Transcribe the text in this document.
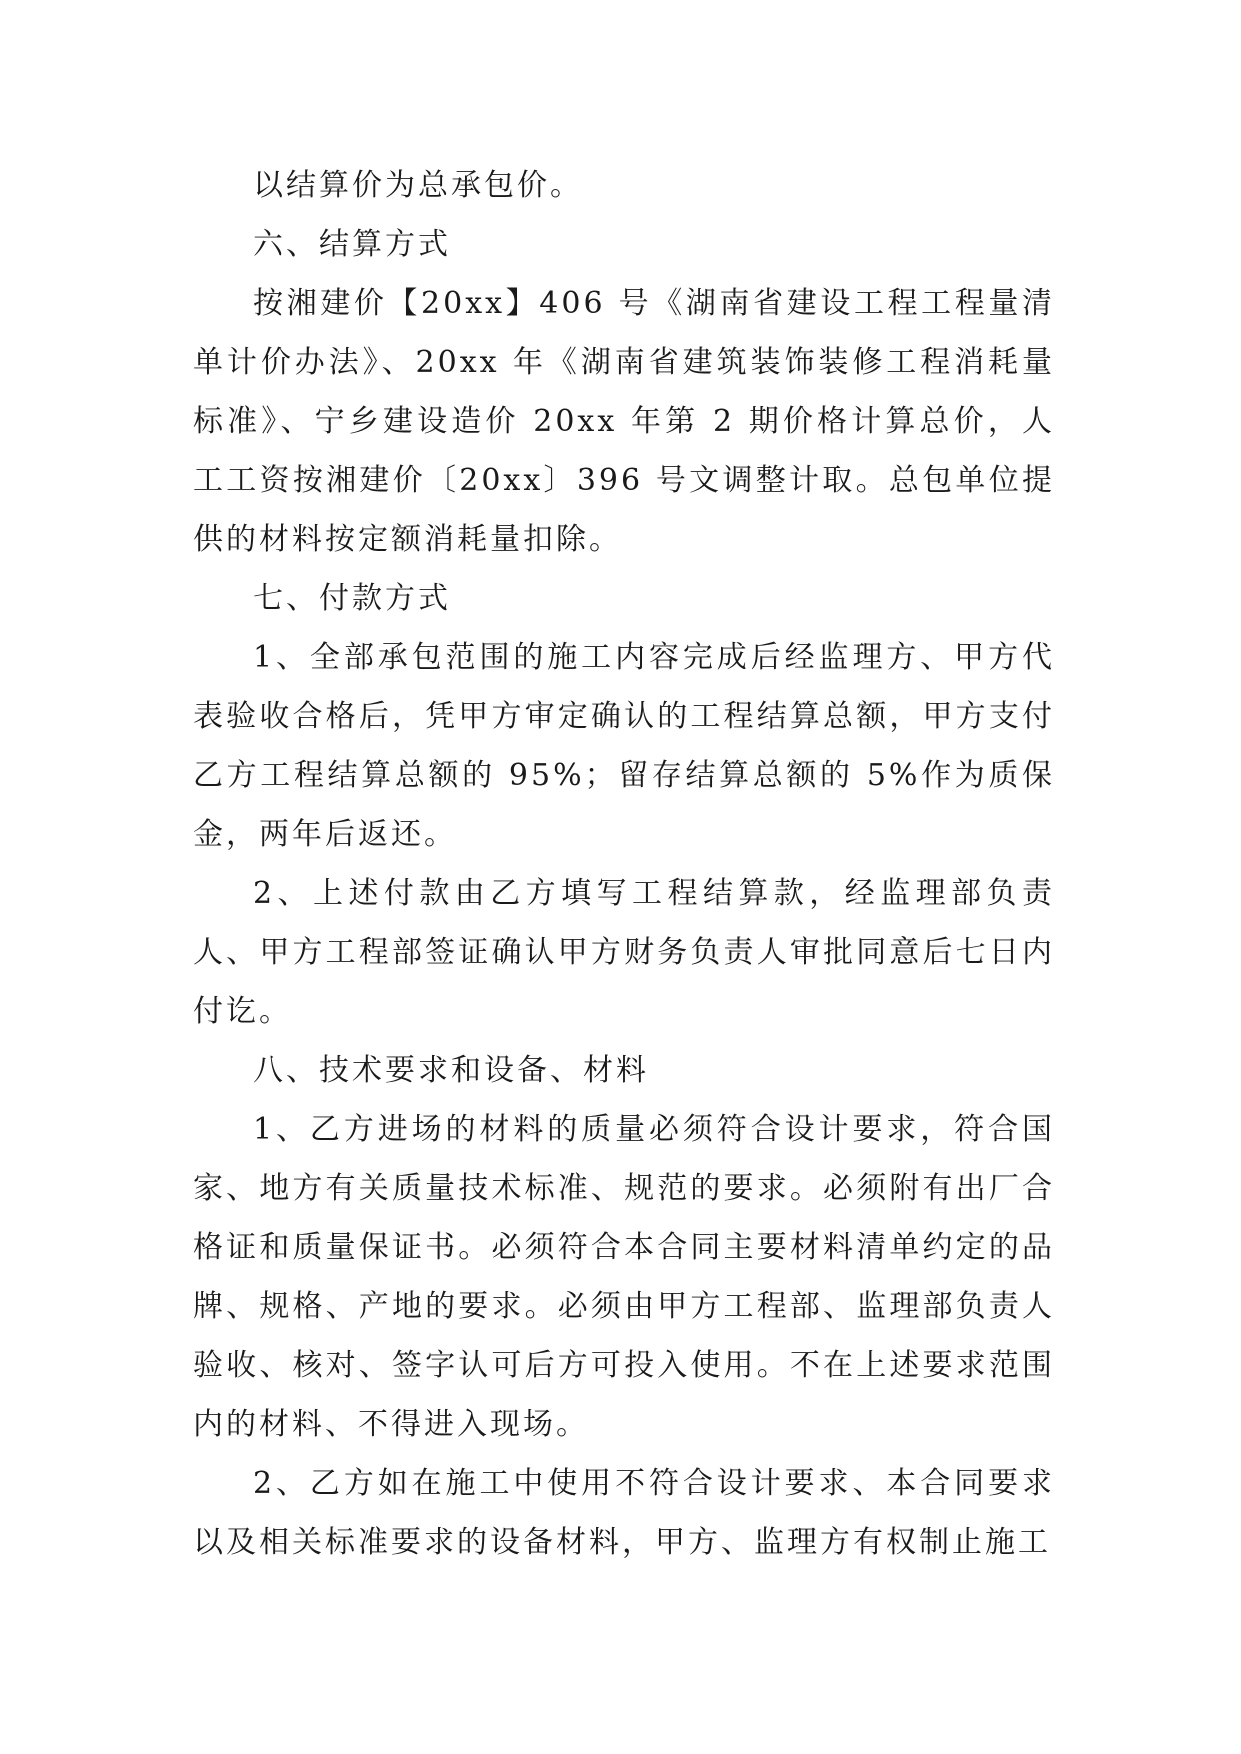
以结算价为总承包价。

六、结算方式

按湘建价【20xx】406 号《湖南省建设工程工程量清单计价办法》、20xx 年《湖南省建筑装饰装修工程消耗量标准》、宁乡建设造价 20xx 年第 2 期价格计算总价，人工工资按湘建价〔20xx〕396 号文调整计取。总包单位提供的材料按定额消耗量扣除。

七、付款方式

1、全部承包范围的施工内容完成后经监理方、甲方代表验收合格后，凭甲方审定确认的工程结算总额，甲方支付乙方工程结算总额的 95%；留存结算总额的 5%作为质保金，两年后返还。

2、上述付款由乙方填写工程结算款，经监理部负责人、甲方工程部签证确认甲方财务负责人审批同意后七日内付讫。

八、技术要求和设备、材料

1、乙方进场的材料的质量必须符合设计要求，符合国家、地方有关质量技术标准、规范的要求。必须附有出厂合格证和质量保证书。必须符合本合同主要材料清单约定的品牌、规格、产地的要求。必须由甲方工程部、监理部负责人验收、核对、签字认可后方可投入使用。不在上述要求范围内的材料、不得进入现场。

2、乙方如在施工中使用不符合设计要求、本合同要求以及相关标准要求的设备材料，甲方、监理方有权制止施工
